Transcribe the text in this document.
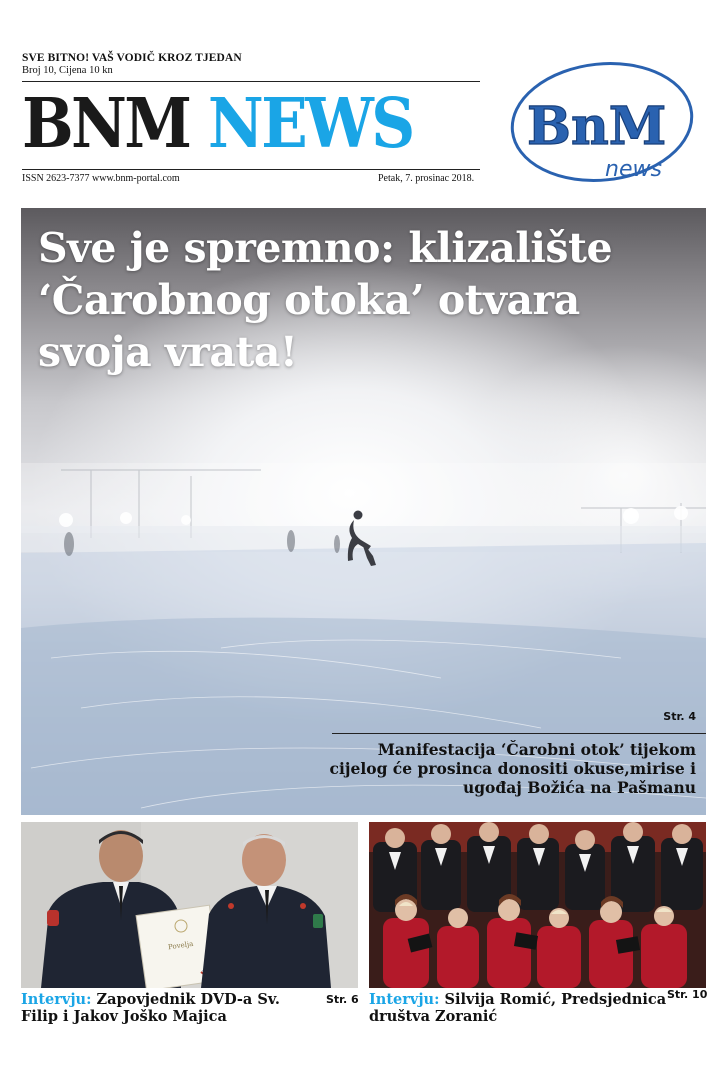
SVE BITNO! VAŠ VODIČ KROZ TJEDAN
Broj 10, Cijena 10 kn
BNM NEWS
ISSN 2623-7377 www.bnm-portal.com	Petak, 7. prosinac 2018.
BnM
news
Sve je spremno: klizalište ‘Čarobnog otoka’ otvara svoja vrata!
Str. 4
Manifestacija ‘Čarobni otok’ tijekom cijelog će prosinca donositi okuse,mirise i ugođaj Božića na Pašmanu
Povelja
Intervju: Zapovjednik DVD-a Sv. Filip i Jakov Joško Majica
Str. 6 Intervju: Silvija Romić, Predsjednica društva Zoranić
Str. 10
